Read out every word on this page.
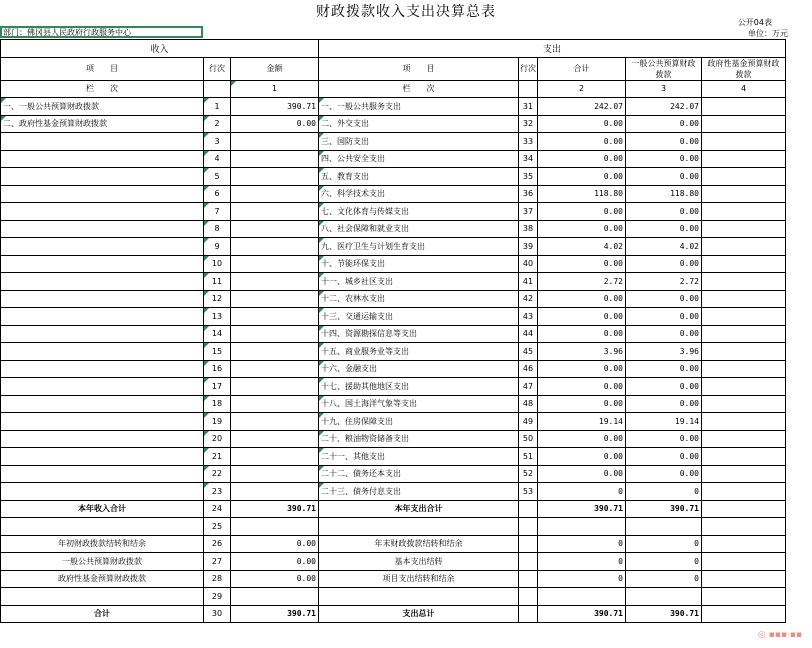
财政拨款收入支出决算总表
公开04表
单位：万元
部门：佛冈县人民政府行政服务中心
收入			支出				
项　　目	行次	金额	项　　目	行次	合计	一般公共预算财政拨款	政府性基金预算财政拨款
栏　　次		1	栏　　次		2	3	4
一、一般公共预算财政拨款	1	390.71	一、一般公共服务支出	31	242.07	242.07	
二、政府性基金预算财政拨款	2	0.00	二、外交支出	32	0.00	0.00	
	3		三、国防支出	33	0.00	0.00	
	4		四、公共安全支出	34	0.00	0.00	
	5		五、教育支出	35	0.00	0.00	
	6		六、科学技术支出	36	118.80	118.80	
	7		七、文化体育与传媒支出	37	0.00	0.00	
	8		八、社会保障和就业支出	38	0.00	0.00	
	9		九、医疗卫生与计划生育支出	39	4.02	4.02	
	10		十、节能环保支出	40	0.00	0.00	
	11		十一、城乡社区支出	41	2.72	2.72	
	12		十二、农林水支出	42	0.00	0.00	
	13		十三、交通运输支出	43	0.00	0.00	
	14		十四、资源勘探信息等支出	44	0.00	0.00	
	15		十五、商业服务业等支出	45	3.96	3.96	
	16		十六、金融支出	46	0.00	0.00	
	17		十七、援助其他地区支出	47	0.00	0.00	
	18		十八、国土海洋气象等支出	48	0.00	0.00	
	19		十九、住房保障支出	49	19.14	19.14	
	20		二十、粮油物资储备支出	50	0.00	0.00	
	21		二十一、其他支出	51	0.00	0.00	
	22		二十二、债务还本支出	52	0.00	0.00	
	23		二十三、债务付息支出	53	0	0	
本年收入合计	24	390.71	本年支出合计		390.71	390.71	
	25						
年初财政拨款结转和结余	26	0.00	年末财政拨款结转和结余		0	0	
一般公共预算财政拨款	27	0.00	基本支出结转		0	0	
政府性基金预算财政拨款	28	0.00	项目支出结转和结余		0	0	
	29						
合计	30	390.71	支出总计		390.71	390.71	
◎ ▪▪▪·▪▪
